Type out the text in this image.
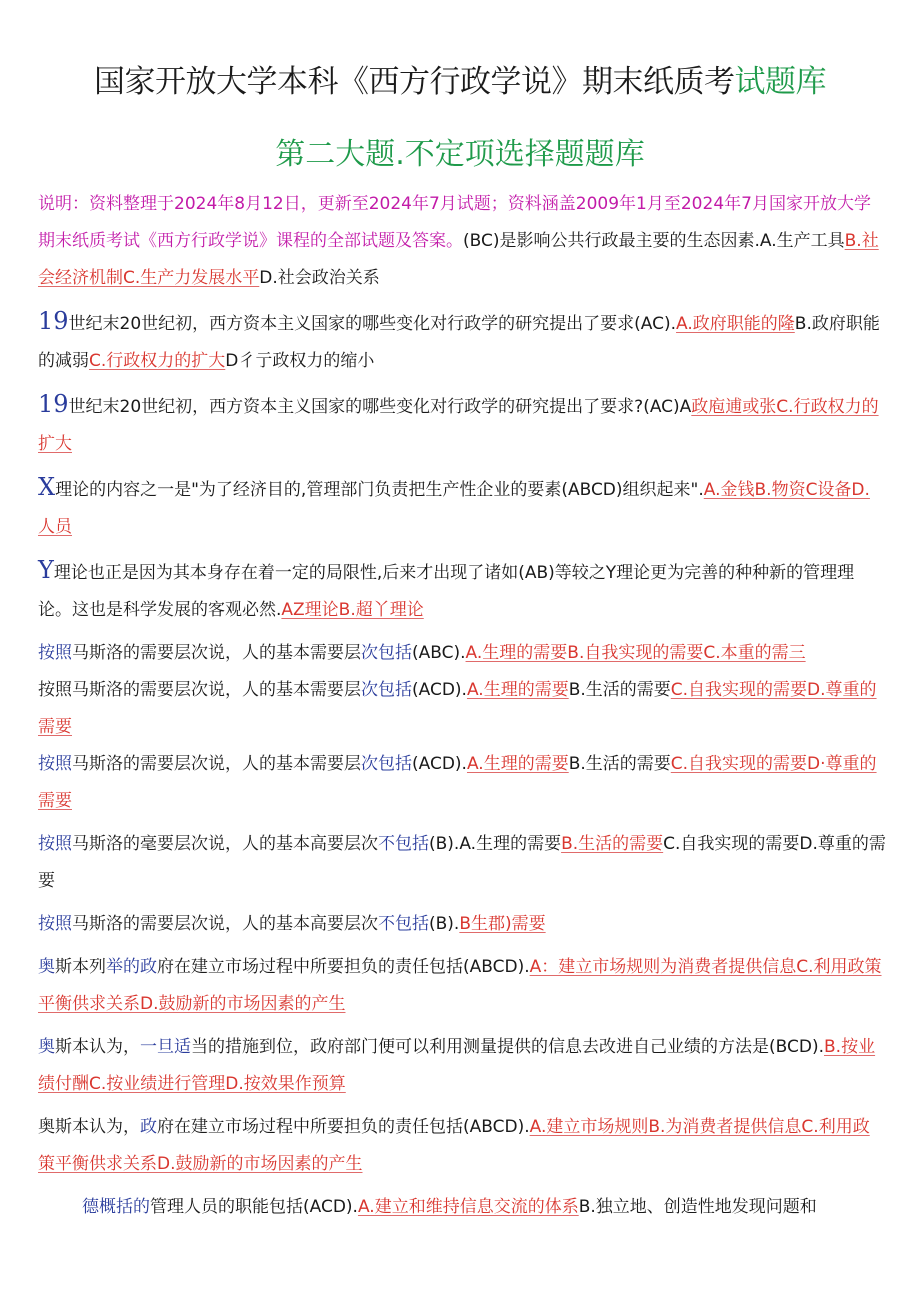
国家开放大学本科《西方行政学说》期末纸质考试题库
第二大题.不定项选择题题库
说明：资料整理于2024年8月12日，更新至2024年7月试题；资料涵盖2009年1月至2024年7月国家开放大学期末纸质考试《西方行政学说》课程的全部试题及答案。(BC)是影响公共行政最主要的生态因素.A.生产工具B.社会经济机制C.生产力发展水平D.社会政治关系
19世纪末20世纪初，西方资本主义国家的哪些变化对行政学的研究提出了要求(AC).A.政府职能的隆B.政府职能的减弱C.行政权力的扩大D彳亍政权力的缩小
19世纪末20世纪初，西方资本主义国家的哪些变化对行政学的研究提出了要求?(AC)A政庖逋或张C.行政权力的扩大
X理论的内容之一是"为了经济目的,管理部门负责把生产性企业的要素(ABCD)组织起来".A.金钱B.物资C设备D.人员
Y理论也正是因为其本身存在着一定的局限性,后来才出现了诸如(AB)等较之Y理论更为完善的种种新的管理理论。这也是科学发展的客观必然.AZ理论B.超丫理论
按照马斯洛的需要层次说，人的基本需要层次包括(ABC).A.生理的需要B.自我实现的需要C.本重的需三
按照马斯洛的需要层次说，人的基本需要层次包括(ACD).A.生理的需要B.生活的需要C.自我实现的需要D.尊重的需要
按照马斯洛的需要层次说，人的基本需要层次包括(ACD).A.生理的需要B.生活的需要C.自我实现的需要D·尊重的需要
按照马斯洛的毫要层次说，人的基本高要层次不包括(B).A.生理的需要B.生活的需要C.自我实现的需要D.尊重的需要
按照马斯洛的需要层次说，人的基本高要层次不包括(B).B生郡)需要
奥斯本列举的政府在建立市场过程中所要担负的责任包括(ABCD).A：建立市场规则为消费者提供信息C.利用政策平衡供求关系D.鼓励新的市场因素的产生
奥斯本认为，一旦适当的措施到位，政府部门便可以利用测量提供的信息去改进自己业绩的方法是(BCD).B.按业绩付酬C.按业绩进行管理D.按效果作预算
奥斯本认为，政府在建立市场过程中所要担负的责任包括(ABCD).A.建立市场规则B.为消费者提供信息C.利用政策平衡供求关系D.鼓励新的市场因素的产生
德概括的管理人员的职能包括(ACD).A.建立和维持信息交流的体系B.独立地、创造性地发现问题和
